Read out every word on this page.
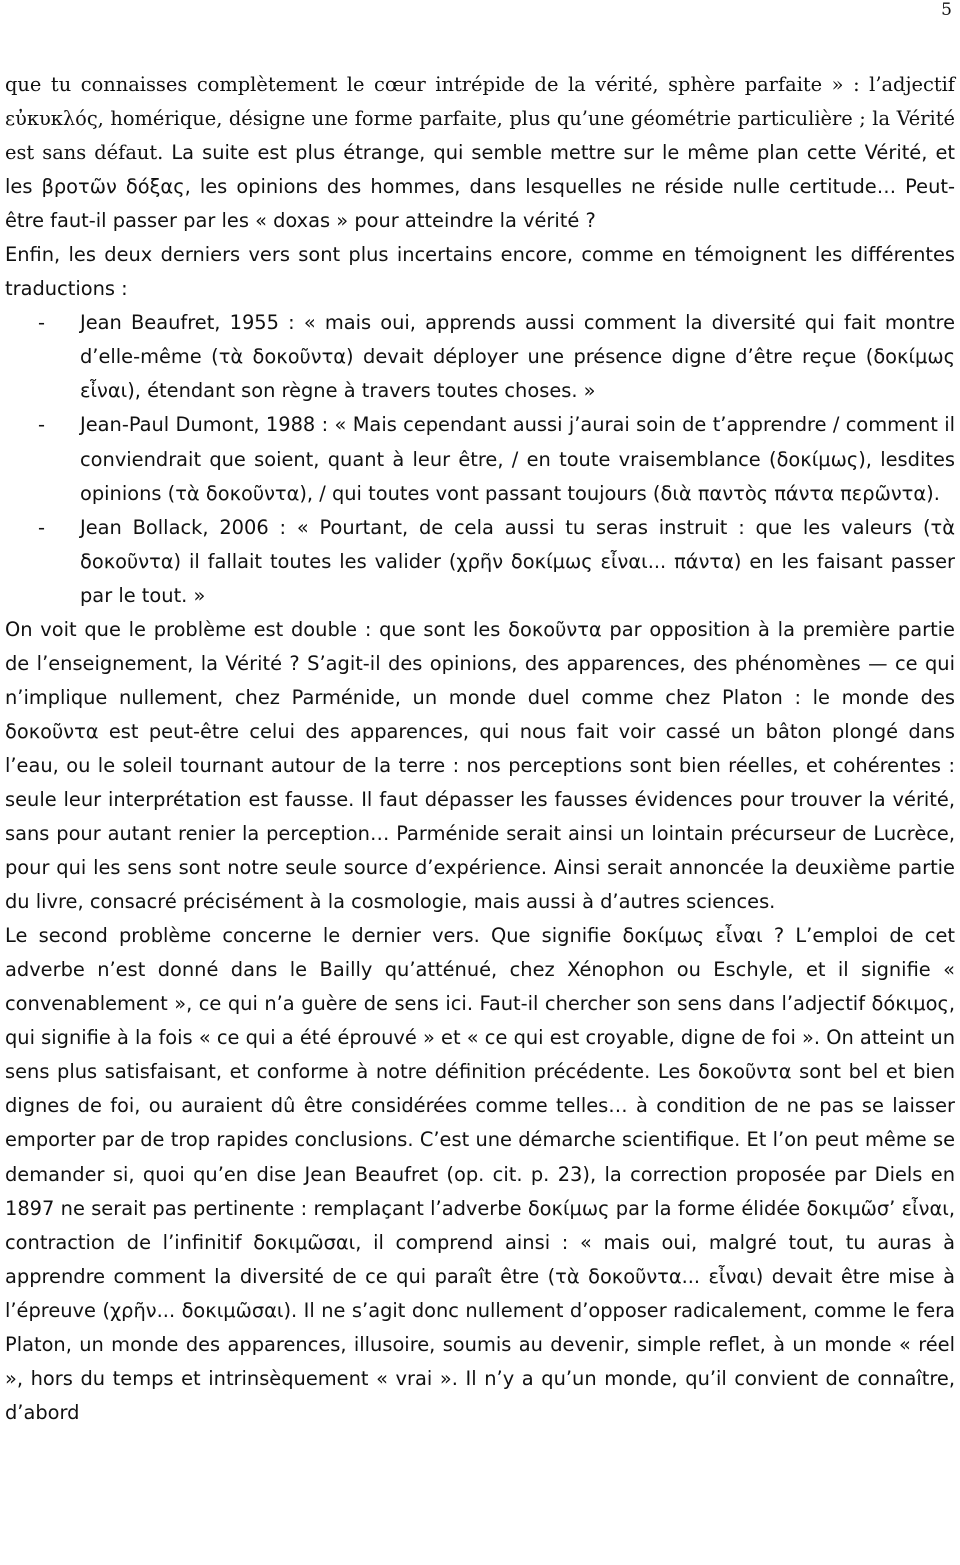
5

que tu connaisses complètement le cœur intrépide de la vérité, sphère parfaite » : l’adjectif εὐκυκλός, homérique, désigne une forme parfaite, plus qu’une géométrie particulière ; la Vérité est sans défaut. La suite est plus étrange, qui semble mettre sur le même plan cette Vérité, et les βροτῶν δόξας, les opinions des hommes, dans lesquelles ne réside nulle certitude… Peut-être faut-il passer par les « doxas » pour atteindre la vérité ?

Enfin, les deux derniers vers sont plus incertains encore, comme en témoignent les différentes traductions :

- Jean Beaufret, 1955 : « mais oui, apprends aussi comment la diversité qui fait montre d’elle-même (τὰ δοκοῦντα) devait déployer une présence digne d’être reçue (δοκίμως εἶναι), étendant son règne à travers toutes choses. »
- Jean-Paul Dumont, 1988 : « Mais cependant aussi j’aurai soin de t’apprendre / comment il conviendrait que soient, quant à leur être, / en toute vraisemblance (δοκίμως), lesdites opinions (τὰ δοκοῦντα), / qui toutes vont passant toujours (διὰ παντὸς πάντα περῶντα).
- Jean Bollack, 2006 : « Pourtant, de cela aussi tu seras instruit : que les valeurs (τὰ δοκοῦντα) il fallait toutes les valider (χρῆν δοκίμως εἶναι... πάντα) en les faisant passer par le tout. »

On voit que le problème est double : que sont les δοκοῦντα par opposition à la première partie de l’enseignement, la Vérité ? S’agit-il des opinions, des apparences, des phénomènes — ce qui n’implique nullement, chez Parménide, un monde duel comme chez Platon : le monde des δοκοῦντα est peut-être celui des apparences, qui nous fait voir cassé un bâton plongé dans l’eau, ou le soleil tournant autour de la terre : nos perceptions sont bien réelles, et cohérentes : seule leur interprétation est fausse. Il faut dépasser les fausses évidences pour trouver la vérité, sans pour autant renier la perception… Parménide serait ainsi un lointain précurseur de Lucrèce, pour qui les sens sont notre seule source d’expérience. Ainsi serait annoncée la deuxième partie du livre, consacré précisément à la cosmologie, mais aussi à d’autres sciences.

Le second problème concerne le dernier vers. Que signifie δοκίμως εἶναι ? L’emploi de cet adverbe n’est donné dans le Bailly qu’atténué, chez Xénophon ou Eschyle, et il signifie « convenablement », ce qui n’a guère de sens ici. Faut-il chercher son sens dans l’adjectif δόκιμος, qui signifie à la fois « ce qui a été éprouvé » et « ce qui est croyable, digne de foi ». On atteint un sens plus satisfaisant, et conforme à notre définition précédente. Les δοκοῦντα sont bel et bien dignes de foi, ou auraient dû être considérées comme telles… à condition de ne pas se laisser emporter par de trop rapides conclusions. C’est une démarche scientifique. Et l’on peut même se demander si, quoi qu’en dise Jean Beaufret (op. cit. p. 23), la correction proposée par Diels en 1897 ne serait pas pertinente : remplaçant l’adverbe δοκίμως par la forme élidée δοκιμῶσ’ εἶναι, contraction de l’infinitif δοκιμῶσαι, il comprend ainsi : « mais oui, malgré tout, tu auras à apprendre comment la diversité de ce qui paraît être (τὰ δοκοῦντα... εἶναι) devait être mise à l’épreuve (χρῆν... δοκιμῶσαι). Il ne s’agit donc nullement d’opposer radicalement, comme le fera Platon, un monde des apparences, illusoire, soumis au devenir, simple reflet, à un monde « réel », hors du temps et intrinsèquement « vrai ». Il n’y a qu’un monde, qu’il convient de connaître, d’abord
